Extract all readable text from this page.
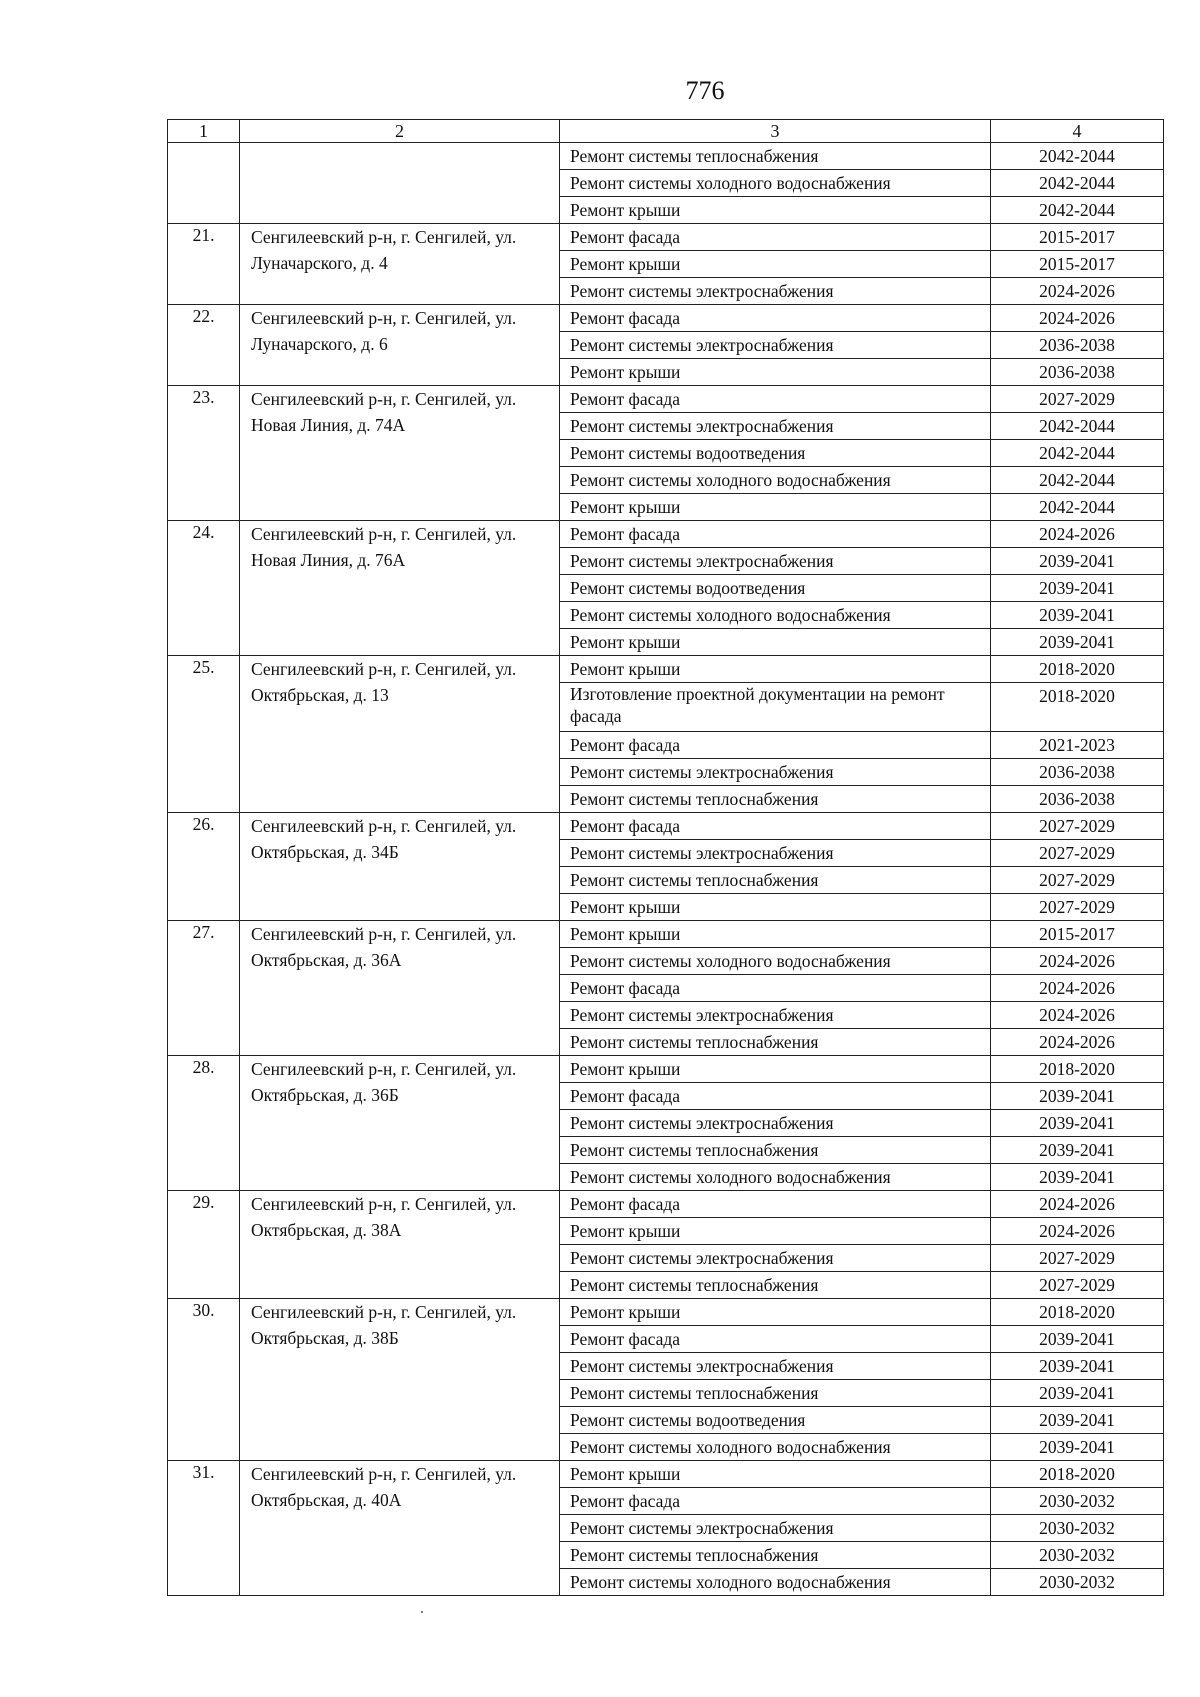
776
1	2	3	4
		Ремонт системы теплоснабжения	2042-2044
		Ремонт системы холодного водоснабжения	2042-2044
		Ремонт крыши	2042-2044
21.	Сенгилеевский р-н, г. Сенгилей, ул. Луначарского, д. 4	Ремонт фасада	2015-2017
		Ремонт крыши	2015-2017
		Ремонт системы электроснабжения	2024-2026
22.	Сенгилеевский р-н, г. Сенгилей, ул. Луначарского, д. 6	Ремонт фасада	2024-2026
		Ремонт системы электроснабжения	2036-2038
		Ремонт крыши	2036-2038
23.	Сенгилеевский р-н, г. Сенгилей, ул. Новая Линия, д. 74А	Ремонт фасада	2027-2029
		Ремонт системы электроснабжения	2042-2044
		Ремонт системы водоотведения	2042-2044
		Ремонт системы холодного водоснабжения	2042-2044
		Ремонт крыши	2042-2044
24.	Сенгилеевский р-н, г. Сенгилей, ул. Новая Линия, д. 76А	Ремонт фасада	2024-2026
		Ремонт системы электроснабжения	2039-2041
		Ремонт системы водоотведения	2039-2041
		Ремонт системы холодного водоснабжения	2039-2041
		Ремонт крыши	2039-2041
25.	Сенгилеевский р-н, г. Сенгилей, ул. Октябрьская, д. 13	Ремонт крыши	2018-2020
		Изготовление проектной документации на ремонт фасада	2018-2020
		Ремонт фасада	2021-2023
		Ремонт системы электроснабжения	2036-2038
		Ремонт системы теплоснабжения	2036-2038
26.	Сенгилеевский р-н, г. Сенгилей, ул. Октябрьская, д. 34Б	Ремонт фасада	2027-2029
		Ремонт системы электроснабжения	2027-2029
		Ремонт системы теплоснабжения	2027-2029
		Ремонт крыши	2027-2029
27.	Сенгилеевский р-н, г. Сенгилей, ул. Октябрьская, д. 36А	Ремонт крыши	2015-2017
		Ремонт системы холодного водоснабжения	2024-2026
		Ремонт фасада	2024-2026
		Ремонт системы электроснабжения	2024-2026
		Ремонт системы теплоснабжения	2024-2026
28.	Сенгилеевский р-н, г. Сенгилей, ул. Октябрьская, д. 36Б	Ремонт крыши	2018-2020
		Ремонт фасада	2039-2041
		Ремонт системы электроснабжения	2039-2041
		Ремонт системы теплоснабжения	2039-2041
		Ремонт системы холодного водоснабжения	2039-2041
29.	Сенгилеевский р-н, г. Сенгилей, ул. Октябрьская, д. 38А	Ремонт фасада	2024-2026
		Ремонт крыши	2024-2026
		Ремонт системы электроснабжения	2027-2029
		Ремонт системы теплоснабжения	2027-2029
30.	Сенгилеевский р-н, г. Сенгилей, ул. Октябрьская, д. 38Б	Ремонт крыши	2018-2020
		Ремонт фасада	2039-2041
		Ремонт системы электроснабжения	2039-2041
		Ремонт системы теплоснабжения	2039-2041
		Ремонт системы водоотведения	2039-2041
		Ремонт системы холодного водоснабжения	2039-2041
31.	Сенгилеевский р-н, г. Сенгилей, ул. Октябрьская, д. 40А	Ремонт крыши	2018-2020
		Ремонт фасада	2030-2032
		Ремонт системы электроснабжения	2030-2032
		Ремонт системы теплоснабжения	2030-2032
		Ремонт системы холодного водоснабжения	2030-2032
